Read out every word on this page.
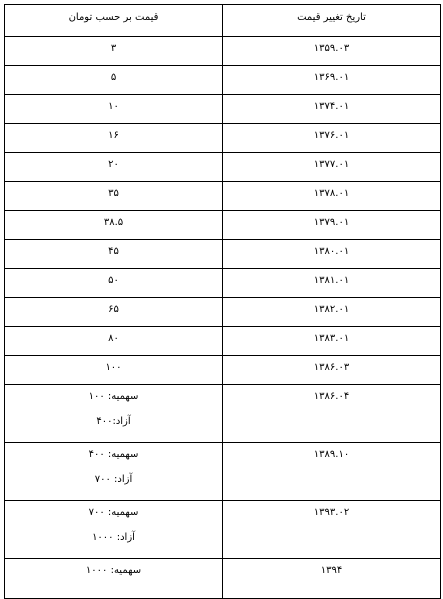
تاریخ تغییر قیمت	قیمت بر حسب تومان
۱۳۵۹.۰۳	۳

۱۳۶۹.۰۱	۵

۱۳۷۴.۰۱	۱۰

۱۳۷۶.۰۱	۱۶

۱۳۷۷.۰۱	۲۰

۱۳۷۸.۰۱	۳۵

۱۳۷۹.۰۱	۳۸.۵

۱۳۸۰.۰۱	۴۵

۱۳۸۱.۰۱	۵۰

۱۳۸۲.۰۱	۶۵

۱۳۸۳.۰۱	۸۰

۱۳۸۶.۰۳	۱۰۰

۱۳۸۶.۰۴	سهمیه: ۱۰۰
آزاد:۴۰۰

۱۳۸۹.۱۰	سهمیه: ۴۰۰
آزاد: ۷۰۰

۱۳۹۳.۰۲	سهمیه: ۷۰۰
آزاد: ۱۰۰۰

۱۳۹۴	سهمیه: ۱۰۰۰
